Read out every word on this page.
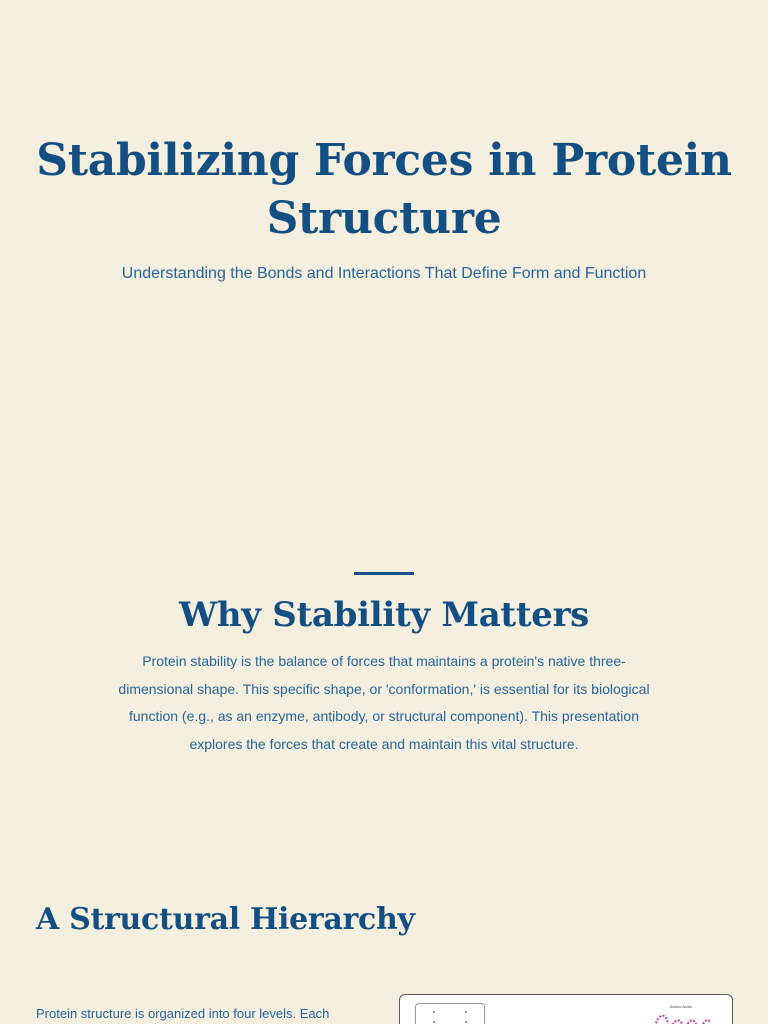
Stabilizing Forces in Protein Structure

Understanding the Bonds and Interactions That Define Form and Function

Why Stability Matters

Protein stability is the balance of forces that maintains a protein's native three-dimensional shape. This specific shape, or 'conformation,' is essential for its biological function (e.g., as an enzyme, antibody, or structural component). This presentation explores the forces that create and maintain this vital structure.

A Structural Hierarchy

Protein structure is organized into four levels. Each	Amino Acids
